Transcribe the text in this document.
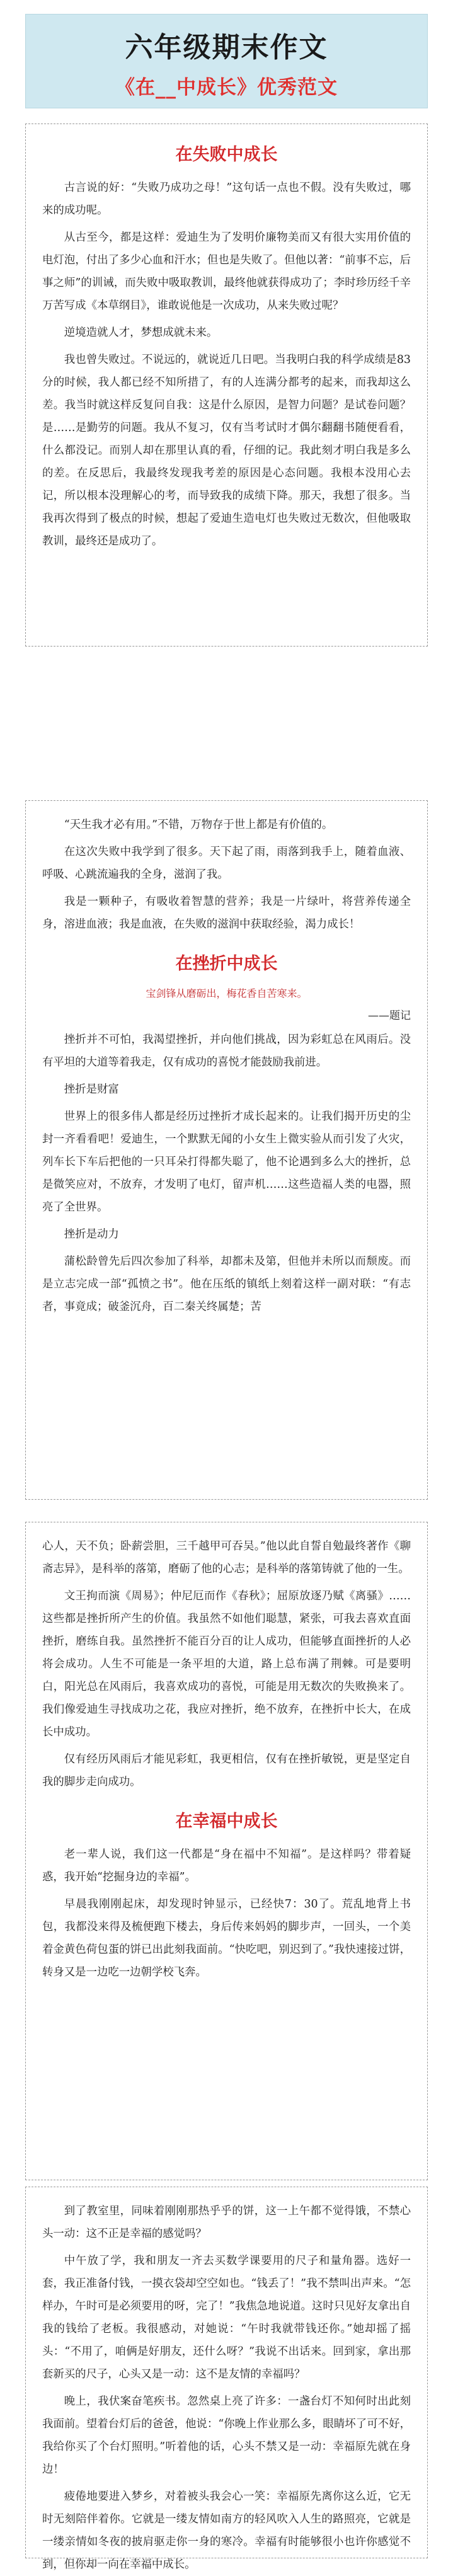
六年级期末作文
《在__中成长》优秀范文
在失败中成长

古言说的好：“失败乃成功之母！”这句话一点也不假。没有失败过，哪来的成功呢。

从古至今，都是这样：爱迪生为了发明价廉物美而又有很大实用价值的电灯泡，付出了多少心血和汗水；但也是失败了。但他以著：“前事不忘，后事之师”的训诫，而失败中吸取教训，最终他就获得成功了；李时珍历经千辛万苦写成《本草纲目》，谁敢说他是一次成功，从来失败过呢？

逆境造就人才，梦想成就未来。

我也曾失败过。不说远的，就说近几日吧。当我明白我的科学成绩是83分的时候，我人都已经不知所措了，有的人连满分都考的起来，而我却这么差。我当时就这样反复问自我：这是什么原因，是智力问题？是试卷问题？是……是勤劳的问题。我从不复习，仅有当考试时才偶尔翻翻书随便看看，什么都没记。而别人却在那里认真的看，仔细的记。我此刻才明白我是多么的差。在反思后，我最终发现我考差的原因是心态问题。我根本没用心去记，所以根本没理解心的考，而导致我的成绩下降。那天，我想了很多。当我再次得到了极点的时候，想起了爱迪生造电灯也失败过无数次，但他吸取教训，最终还是成功了。

“天生我才必有用。”不错，万物存于世上都是有价值的。

在这次失败中我学到了很多。天下起了雨，雨落到我手上，随着血液、呼吸、心跳流遍我的全身，滋润了我。

我是一颗种子，有吸收着智慧的营养；我是一片绿叶，将营养传递全身，溶进血液；我是血液，在失败的滋润中获取经验，渴力成长！

在挫折中成长
宝剑锋从磨砺出，梅花香自苦寒来。
——题记

挫折并不可怕，我渴望挫折，并向他们挑战，因为彩虹总在风雨后。没有平坦的大道等着我走，仅有成功的喜悦才能鼓励我前进。

挫折是财富

世界上的很多伟人都是经历过挫折才成长起来的。让我们揭开历史的尘封一齐看看吧！爱迪生，一个默默无闻的小女生上微实验从而引发了火灾，列车长下车后把他的一只耳朵打得都失聪了，他不论遇到多么大的挫折，总是微笑应对，不放弃，才发明了电灯，留声机……这些造福人类的电器，照亮了全世界。

挫折是动力

蒲松龄曾先后四次参加了科举，却都未及第，但他并未所以而颓废。而是立志完成一部“孤愤之书”。他在压纸的镇纸上刻着这样一副对联：“有志者，事竟成；破釜沉舟，百二秦关终属楚；苦

心人，天不负；卧薪尝胆，三千越甲可吞吴。”他以此自誓自勉最终著作《聊斋志异》，是科举的落第，磨砺了他的心志；是科举的落第铸就了他的一生。

文王拘而演《周易》；仲尼厄而作《春秋》；屈原放逐乃赋《离骚》……这些都是挫折所产生的价值。我虽然不如他们聪慧，紧张，可我去喜欢直面挫折，磨练自我。虽然挫折不能百分百的让人成功，但能够直面挫折的人必将会成功。人生不可能是一条平坦的大道，路上总布满了荆棘。可是要明白，阳光总在风雨后，我喜欢成功的喜悦，可能是用无数次的失败换来了。我们像爱迪生寻找成功之花，我应对挫折，绝不放弃，在挫折中长大，在成长中成功。

仅有经历风雨后才能见彩虹，我更相信，仅有在挫折敏锐，更是坚定自我的脚步走向成功。

在幸福中成长

老一辈人说，我们这一代都是“身在福中不知福”。是这样吗？带着疑惑，我开始“挖掘身边的幸福”。

早晨我刚刚起床，却发现时钟显示，已经快7：30了。荒乱地背上书包，我都没来得及梳便跑下楼去，身后传来妈妈的脚步声，一回头，一个美着金黄色荷包蛋的饼已出此刻我面前。“快吃吧，别迟到了。”我快速接过饼，转身又是一边吃一边朝学校飞奔。

到了教室里，同味着刚刚那热乎乎的饼，这一上午都不觉得饿，不禁心头一动：这不正是幸福的感觉吗？

中午放了学，我和朋友一齐去买数学课要用的尺子和量角器。选好一套，我正准备付钱，一摸衣袋却空空如也。“钱丢了！”我不禁叫出声来。“怎样办，午时可是必须要用的呀，完了！”我焦急地说道。这时只见好友拿出自我的钱给了老板。我很感动，对她说：“午时我就带钱还你。”她却摇了摇头：“不用了，咱俩是好朋友，还什么呀？”我说不出话来。回到家，拿出那套新买的尺子，心头又是一动：这不是友情的幸福吗？

晚上，我伏案奋笔疾书。忽然桌上亮了许多：一盏台灯不知何时出此刻我面前。望着台灯后的爸爸，他说：“你晚上作业那么多，眼睛坏了可不好，我给你买了个台灯照明。”听着他的话，心头不禁又是一动：幸福原先就在身边！

疲倦地要进入梦乡，对着被头我会心一笑：幸福原先离你这么近，它无时无刻陪伴着你。它就是一缕友情如南方的轻风吹入人生的路照亮，它就是一缕亲情如冬夜的披肩驱走你一身的寒冷。幸福有时能够很小也许你感觉不到，但你却一向在幸福中成长。
